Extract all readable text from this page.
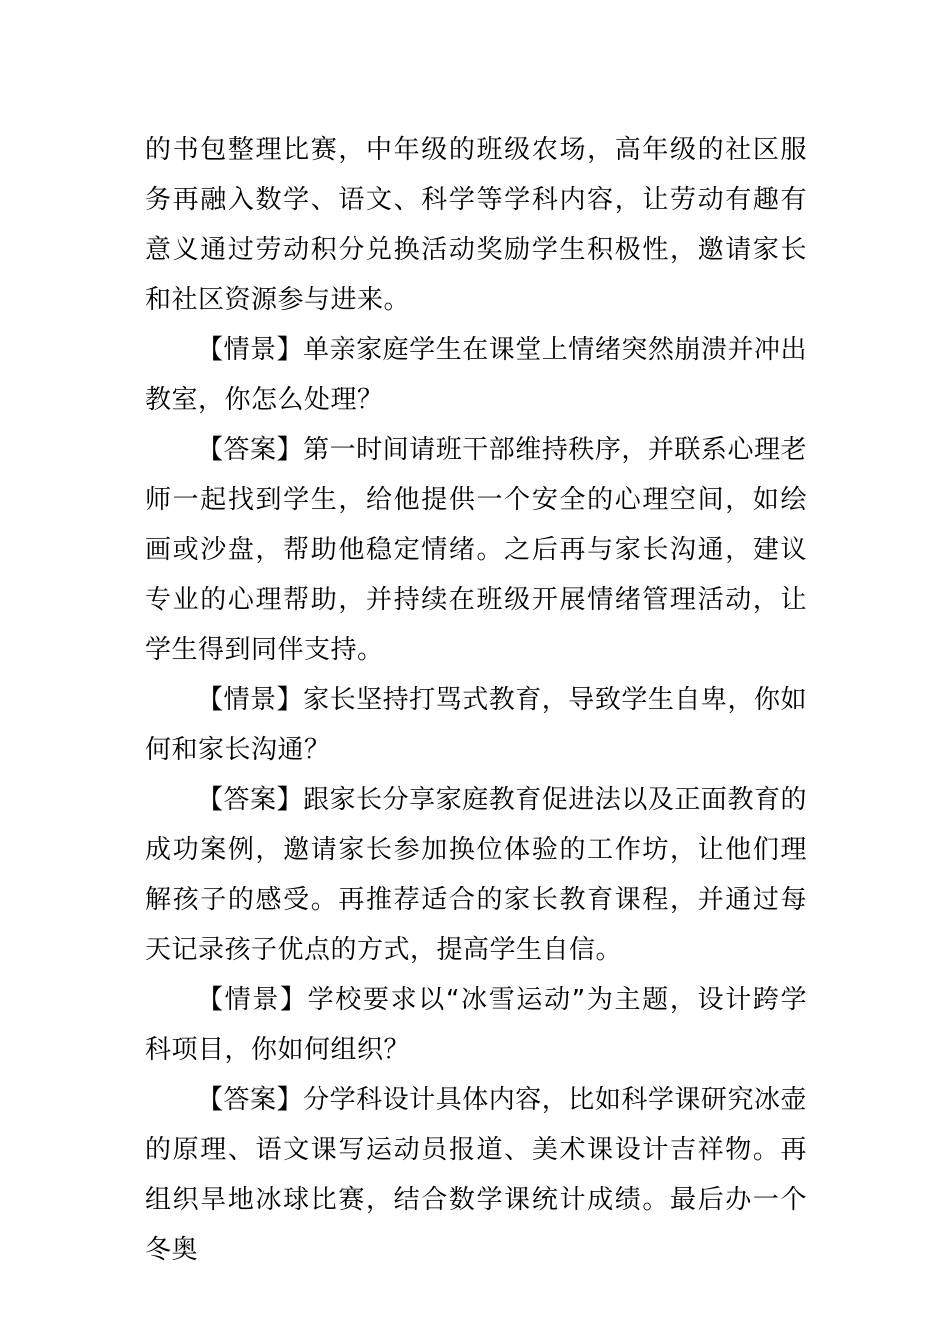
的书包整理比赛，中年级的班级农场，高年级的社区服务再融入数学、语文、科学等学科内容，让劳动有趣有意义通过劳动积分兑换活动奖励学生积极性，邀请家长和社区资源参与进来。

【情景】单亲家庭学生在课堂上情绪突然崩溃并冲出教室，你怎么处理？

【答案】第一时间请班干部维持秩序，并联系心理老师一起找到学生，给他提供一个安全的心理空间，如绘画或沙盘，帮助他稳定情绪。之后再与家长沟通，建议专业的心理帮助，并持续在班级开展情绪管理活动，让学生得到同伴支持。

【情景】家长坚持打骂式教育，导致学生自卑，你如何和家长沟通？

【答案】跟家长分享家庭教育促进法以及正面教育的成功案例，邀请家长参加换位体验的工作坊，让他们理解孩子的感受。再推荐适合的家长教育课程，并通过每天记录孩子优点的方式，提高学生自信。

【情景】学校要求以“冰雪运动”为主题，设计跨学科项目，你如何组织？

【答案】分学科设计具体内容，比如科学课研究冰壶的原理、语文课写运动员报道、美术课设计吉祥物。再组织旱地冰球比赛，结合数学课统计成绩。最后办一个冬奥
